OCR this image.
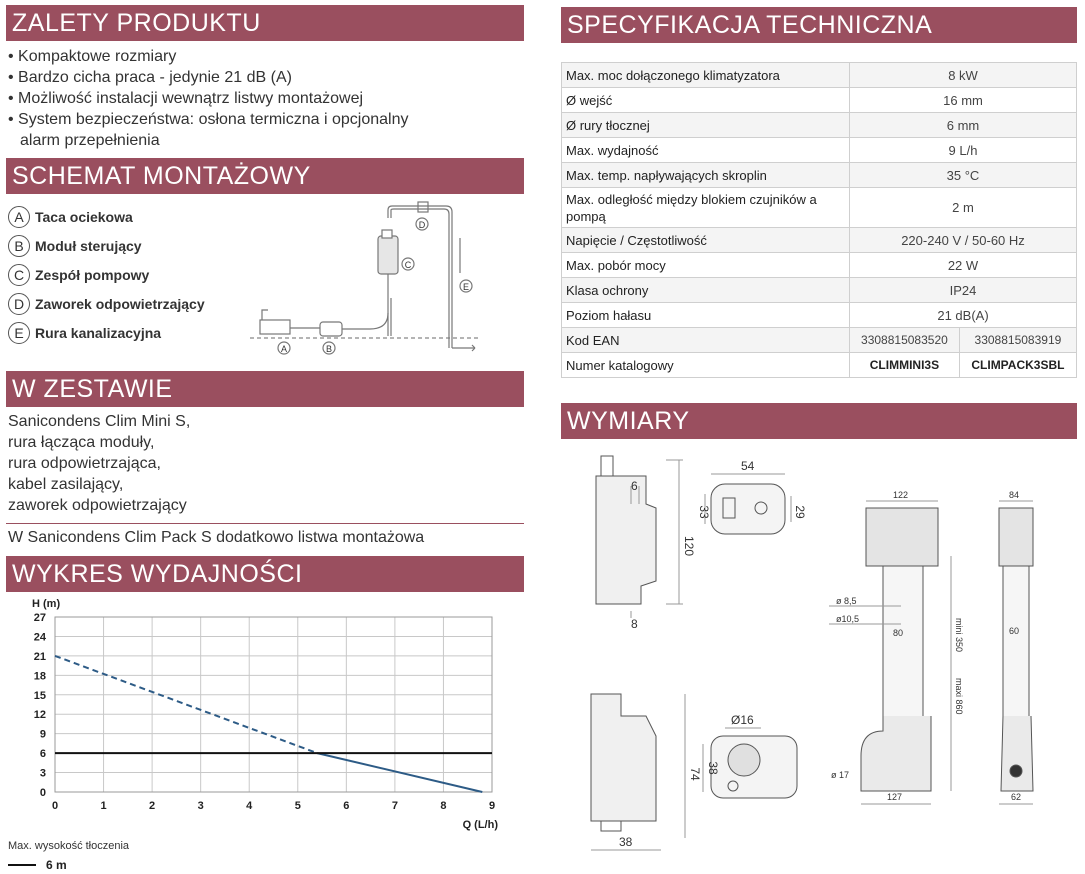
ZALETY PRODUKTU
• Kompaktowe rozmiary
• Bardzo cicha praca - jedynie 21 dB (A)
• Możliwość instalacji wewnątrz listwy montażowej
• System bezpieczeństwa: osłona termiczna i opcjonalny
alarm przepełnienia
SCHEMAT MONTAŻOWY
A Taca ociekowa
B Moduł sterujący
C Zespół pompowy
D Zaworek odpowietrzający
E Rura kanalizacyjna
D
C
E
A	B
W ZESTAWIE
Sanicondens Clim Mini S,
rura łącząca moduły,
rura odpowietrzająca,
kabel zasilający,
zaworek odpowietrzający
W Sanicondens Clim Pack S dodatkowo listwa montażowa
WYKRES WYDAJNOŚCI
0	1	2	3	4	5	6	7	8	9
0
3
6
9
12
15
18
21
24
27
H (m)
Q (L/h)
Max. wysokość tłoczenia
6 m
SPECYFIKACJA TECHNICZNA
Max. moc dołączonego klimatyzatora	8 kW	
Ø wejść	16 mm	
Ø rury tłocznej	6 mm	
Max. wydajność	9 L/h	
Max. temp. napływających skroplin	35 °C	
Max. odległość między blokiem czujników a pompą	2 m	
Napięcie / Częstotliwość	220-240 V / 50-60 Hz	
Max. pobór mocy	22 W	
Klasa ochrony	IP24	
Poziom hałasu	21 dB(A)	
Kod EAN	3308815083520	3308815083919
Numer katalogowy	CLIMMINI3S	CLIMPACK3SBL
WYMIARY
54
6
33	29
120
8
Ø16
74 38
38
122	84
ø 8,5
ø10,5
80	mini 350
maxi 860
60
ø 17
127	62
